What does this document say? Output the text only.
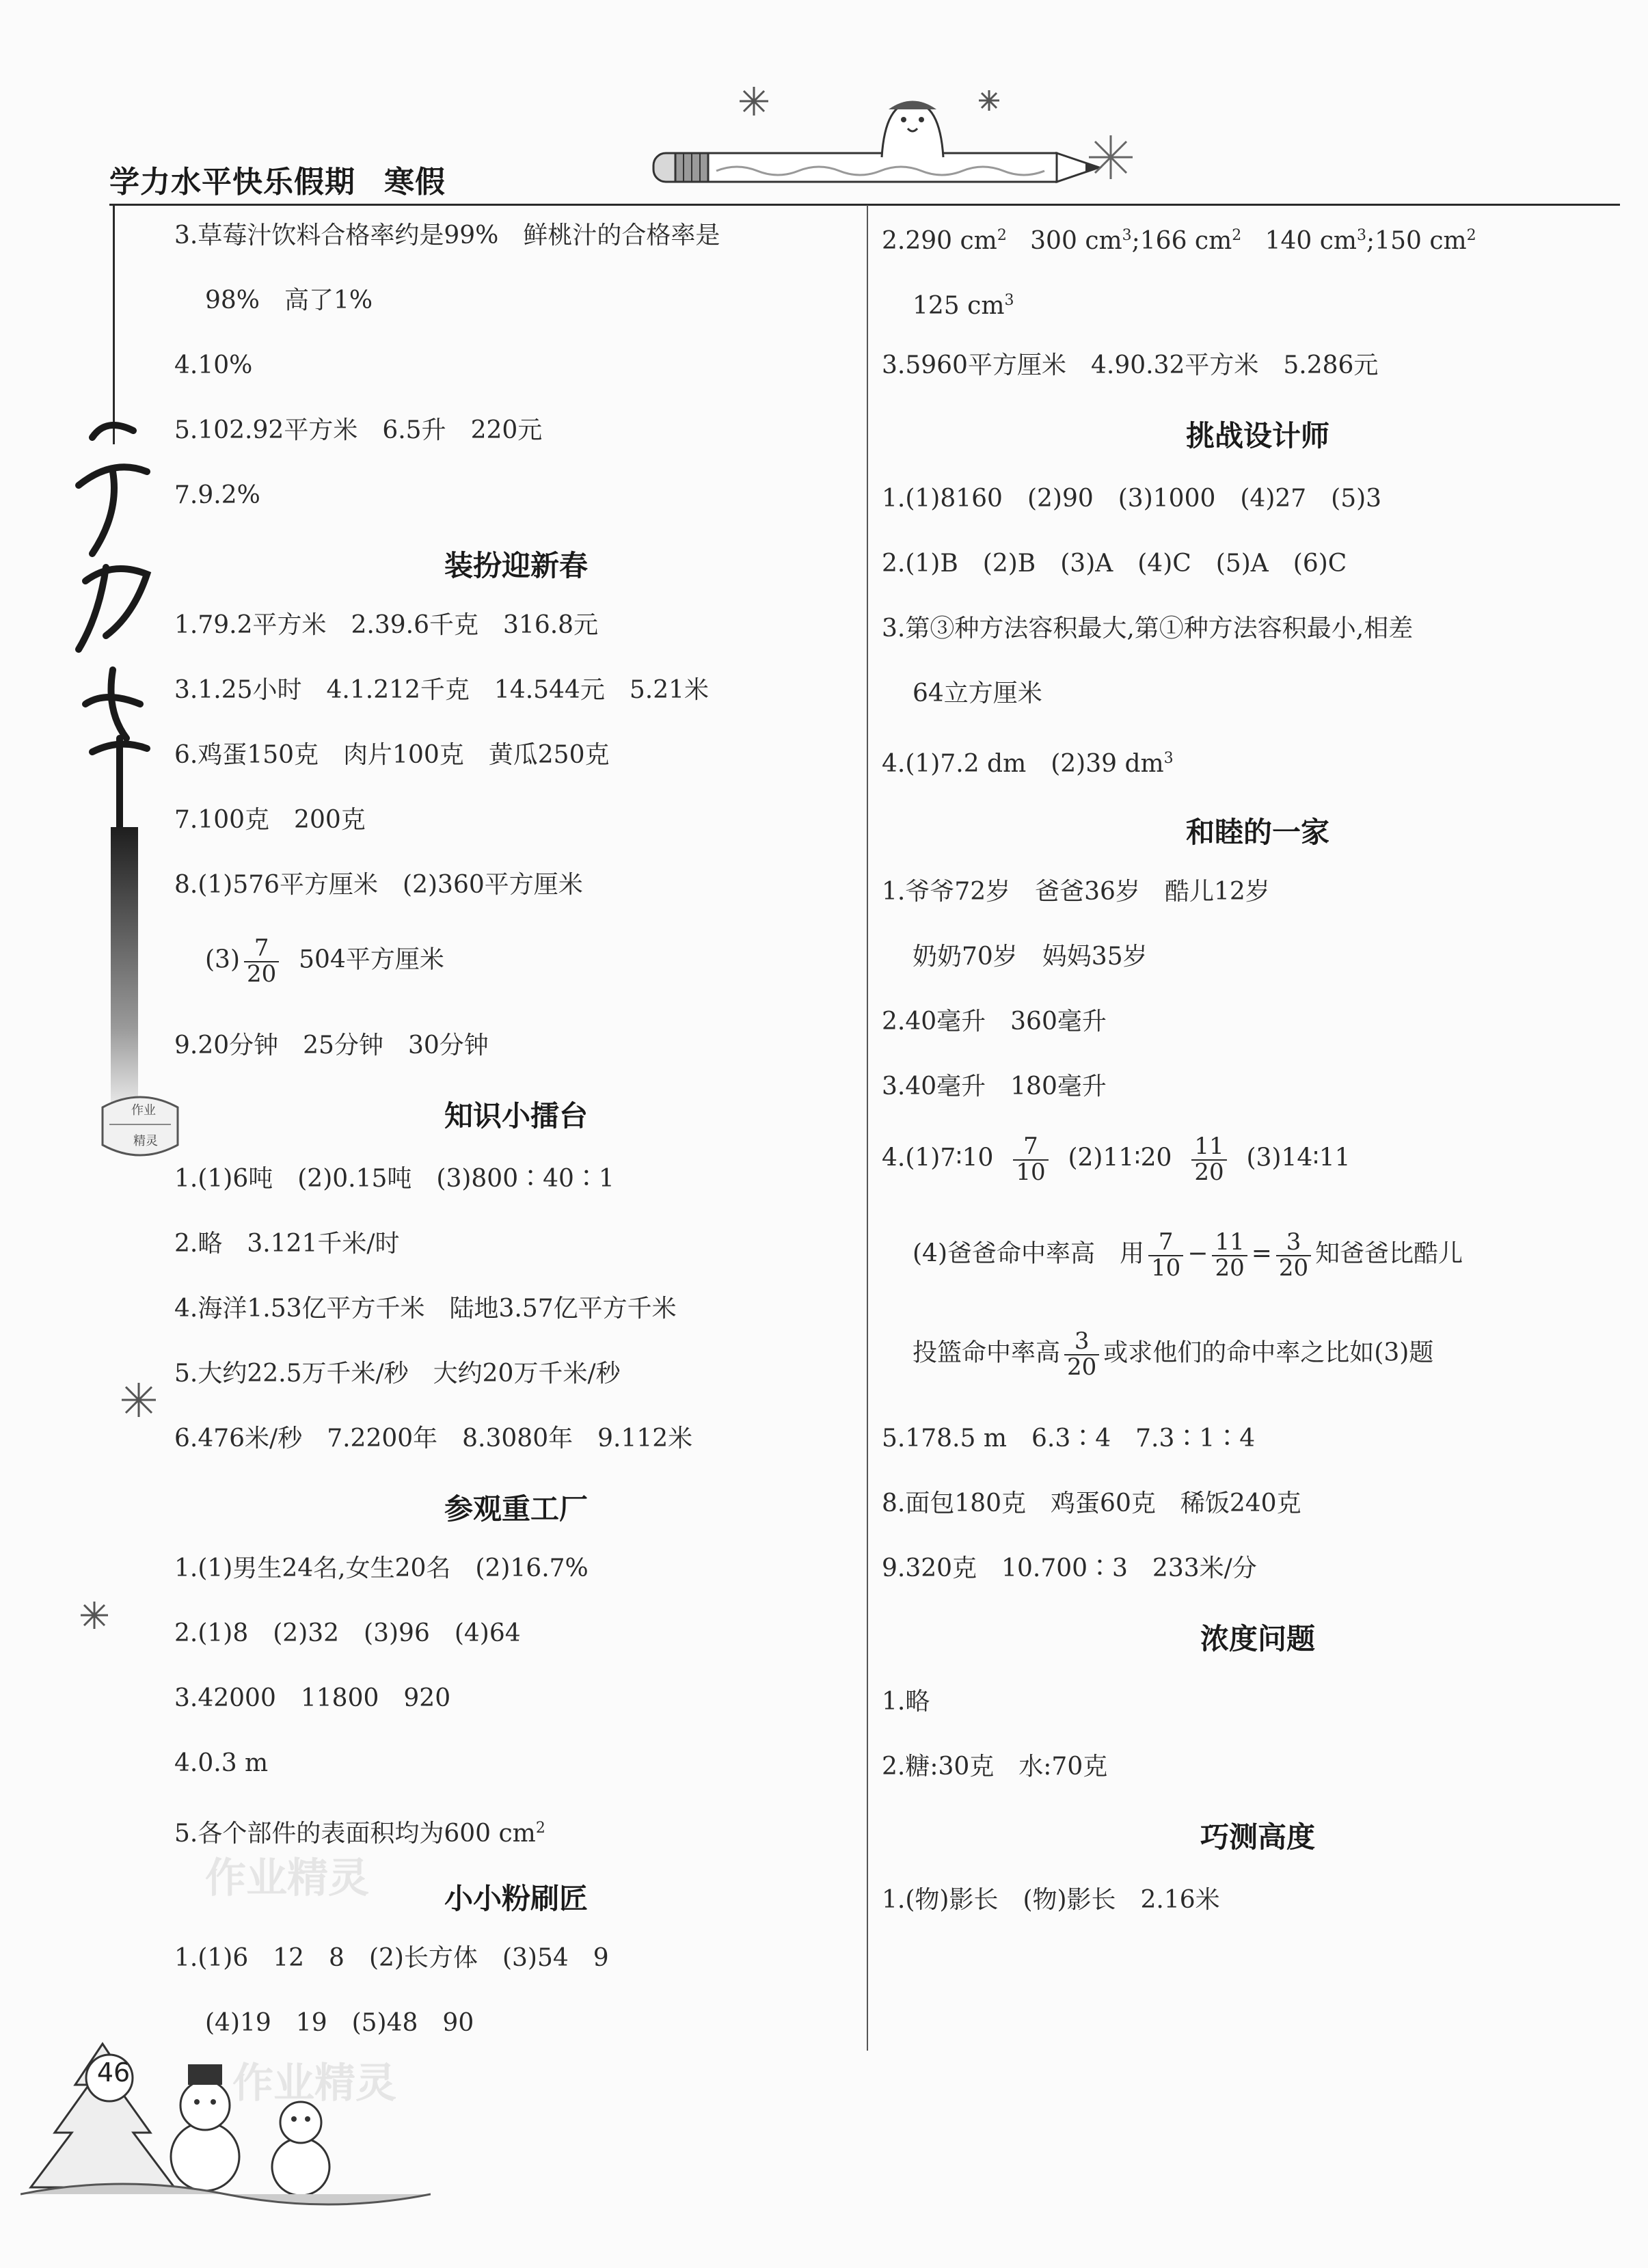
学力水平快乐假期 寒假
作业
精灵
46
作业精灵
作业精灵
3.草莓汁饮料合格率约是99%　鲜桃汁的合格率是
98%　高了1%
4.10%
5.102.92平方米　6.5升　220元
7.9.2%
装扮迎新春
1.79.2平方米　2.39.6千克　316.8元
3.1.25小时　4.1.212千克　14.544元　5.21米
6.鸡蛋150克　肉片100克　黄瓜250克
7.100克　200克
8.(1)576平方厘米　(2)360平方厘米
$(3) \frac{7}{20} 504$平方厘米
9.20分钟　25分钟　30分钟
知识小擂台
1.(1)6吨　(2)0.15吨　(3)800∶40∶1
2.略　3.121千米/时
4.海洋1.53亿平方千米　陆地3.57亿平方千米
5.大约22.5万千米/秒　大约20万千米/秒
6.476米/秒　7.2200年　8.3080年　9.112米
参观重工厂
1.(1)男生24名,女生20名　(2)16.7%
2.(1)8　(2)32　(3)96　(4)64
3.42000　11800　920
4.0.3 m
5.各个部件的表面积均为600 $cm^2$
小小粉刷匠
1.(1)6　12　8　(2)长方体　(3)54　9
(4)19　19　(5)48　90
2.290 $cm^2$ 300 $cm^3;166$ $cm^2$ 140 $cm^3;150$ $cm^2$
125 $cm^3$
3.5960平方厘米　4.90.32平方米　5.286元
挑战设计师
1.(1)8160　(2)90　(3)1000　(4)27　(5)3
2.(1)B　(2)B　(3)A　(4)C　(5)A　(6)C
3.第③种方法容积最大,第①种方法容积最小,相差
64立方厘米
4.(1)7.2 dm　(2)39 $dm^3$
和睦的一家
1.爷爷72岁　爸爸36岁　酷儿12岁
奶奶70岁　妈妈35岁
2.40毫升　360毫升
3.40毫升　180毫升
4.(1)7∶10 $\frac{7}{10}$ (2)11∶20 $\frac{11}{20}$ (3)14∶11
(4)爸爸命中率高　用 $\frac{7}{10} - \frac{11}{20} = \frac{3}{20}$ 知爸爸比酷儿
投篮命中率高 $\frac{3}{20}$ 或求他们的命中率之比如(3)题
5.178.5 m　6.3∶4　7.3∶1∶4
8.面包180克　鸡蛋60克　稀饭240克
9.320克　10.700∶3　233米/分
浓度问题
1.略
2.糖:30克　水:70克
巧测高度
1.(物)影长　(物)影长　2.16米
